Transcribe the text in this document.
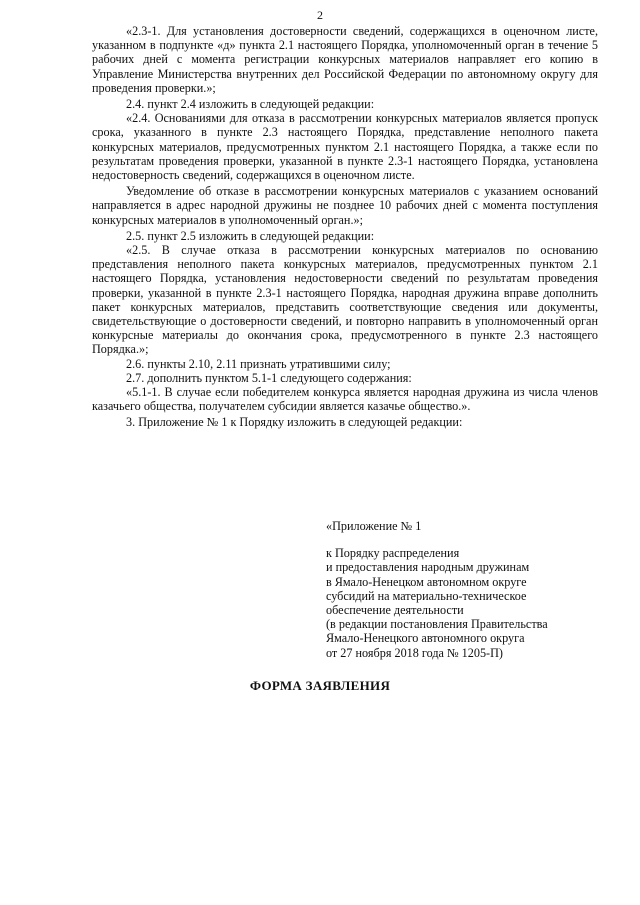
2

«2.3-1. Для установления достоверности сведений, содержащихся в оценочном листе, указанном в подпункте «д» пункта 2.1 настоящего Порядка, уполномоченный орган в течение 5 рабочих дней с момента регистрации конкурсных материалов направляет его копию в Управление Министерства внутренних дел Российской Федерации по автономному округу для проведения проверки.»;

2.4. пункт 2.4 изложить в следующей редакции:

«2.4. Основаниями для отказа в рассмотрении конкурсных материалов является пропуск срока, указанного в пункте 2.3 настоящего Порядка, представление неполного пакета конкурсных материалов, предусмотренных пунктом 2.1 настоящего Порядка, а также если по результатам проведения проверки, указанной в пункте 2.3-1 настоящего Порядка, установлена недостоверность сведений, содержащихся в оценочном листе.

Уведомление об отказе в рассмотрении конкурсных материалов с указанием оснований направляется в адрес народной дружины не позднее 10 рабочих дней с момента поступления конкурсных материалов в уполномоченный орган.»;

2.5. пункт 2.5 изложить в следующей редакции:

«2.5. В случае отказа в рассмотрении конкурсных материалов по основанию представления неполного пакета конкурсных материалов, предусмотренных пунктом 2.1 настоящего Порядка, установления недостоверности сведений по результатам проведения проверки, указанной в пункте 2.3-1 настоящего Порядка, народная дружина вправе дополнить пакет конкурсных материалов, представить соответствующие сведения или документы, свидетельствующие о достоверности сведений, и повторно направить в уполномоченный орган конкурсные материалы до окончания срока, предусмотренного в пункте 2.3 настоящего Порядка.»;

2.6. пункты 2.10, 2.11 признать утратившими силу;

2.7. дополнить пунктом 5.1-1 следующего содержания:

«5.1-1. В случае если победителем конкурса является народная дружина из числа членов казачьего общества, получателем субсидии является казачье общество.».

3. Приложение № 1 к Порядку изложить в следующей редакции:

«Приложение № 1
к Порядку распределения
и предоставления народным дружинам
в Ямало-Ненецком автономном округе
субсидий на материально-техническое
обеспечение деятельности
(в редакции постановления Правительства
Ямало-Ненецкого автономного округа
от 27 ноября 2018 года № 1205-П)
ФОРМА ЗАЯВЛЕНИЯ
